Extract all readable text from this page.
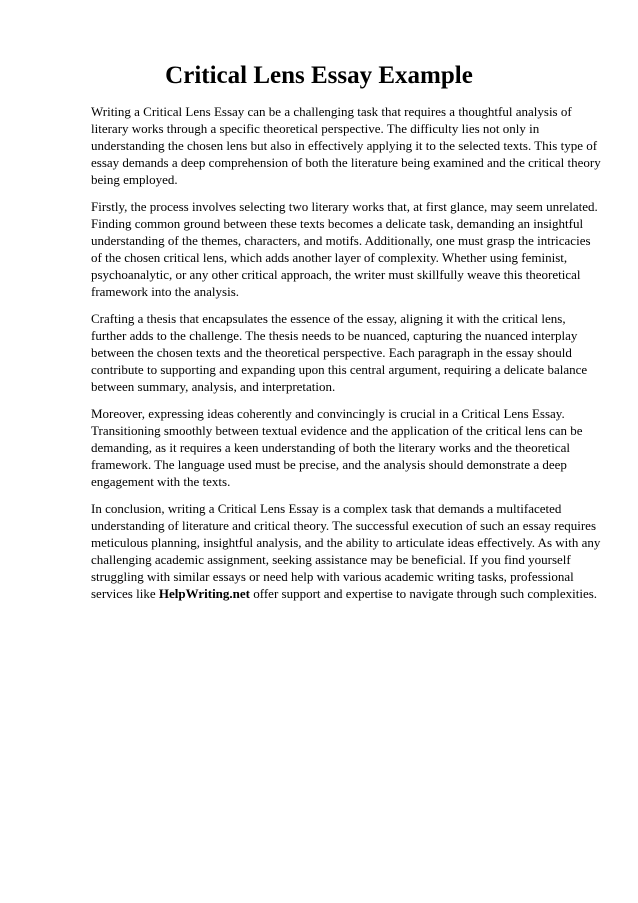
Critical Lens Essay Example

Writing a Critical Lens Essay can be a challenging task that requires a thoughtful analysis of literary works through a specific theoretical perspective. The difficulty lies not only in understanding the chosen lens but also in effectively applying it to the selected texts. This type of essay demands a deep comprehension of both the literature being examined and the critical theory being employed.

Firstly, the process involves selecting two literary works that, at first glance, may seem unrelated. Finding common ground between these texts becomes a delicate task, demanding an insightful understanding of the themes, characters, and motifs. Additionally, one must grasp the intricacies of the chosen critical lens, which adds another layer of complexity. Whether using feminist, psychoanalytic, or any other critical approach, the writer must skillfully weave this theoretical framework into the analysis.

Crafting a thesis that encapsulates the essence of the essay, aligning it with the critical lens, further adds to the challenge. The thesis needs to be nuanced, capturing the nuanced interplay between the chosen texts and the theoretical perspective. Each paragraph in the essay should contribute to supporting and expanding upon this central argument, requiring a delicate balance between summary, analysis, and interpretation.

Moreover, expressing ideas coherently and convincingly is crucial in a Critical Lens Essay. Transitioning smoothly between textual evidence and the application of the critical lens can be demanding, as it requires a keen understanding of both the literary works and the theoretical framework. The language used must be precise, and the analysis should demonstrate a deep engagement with the texts.

In conclusion, writing a Critical Lens Essay is a complex task that demands a multifaceted understanding of literature and critical theory. The successful execution of such an essay requires meticulous planning, insightful analysis, and the ability to articulate ideas effectively. As with any challenging academic assignment, seeking assistance may be beneficial. If you find yourself struggling with similar essays or need help with various academic writing tasks, professional services like HelpWriting.net offer support and expertise to navigate through such complexities.
